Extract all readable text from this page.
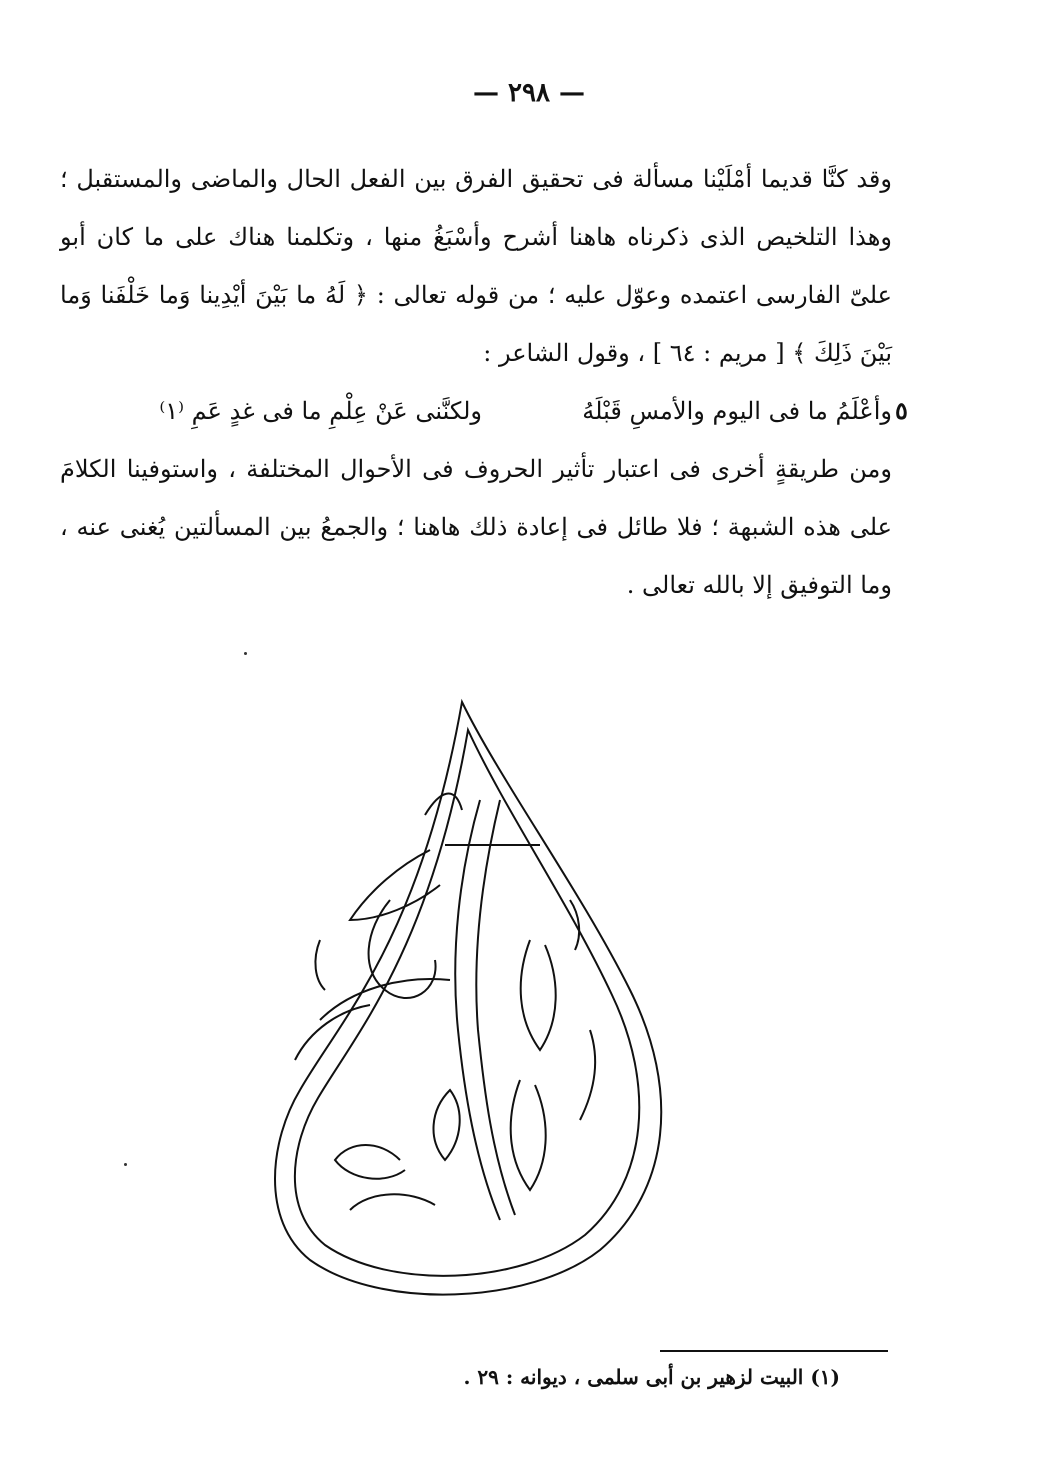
— ٢٩٨ —

وقد كنَّا قديما أمْلَيْنا مسألة فى تحقيق الفرق بين الفعل الحال والماضى والمستقبل ؛ وهذا التلخيص الذى ذكرناه هاهنا أشرح وأسْبَغُ منها ، وتكلمنا هناك على ما كان أبو علىّ الفارسى اعتمده وعوّل عليه ؛ من قوله تعالى : ﴿ لَهُ ما بَيْنَ أيْدِينا وَما خَلْفَنا وَما بَيْنَ ذَلِكَ ﴾ [ مريم : ٦٤ ] ، وقول الشاعر :

وأعْلَمُ ما فى اليوم والأمسِ قَبْلَهُ
ولكنَّنى عَنْ عِلْمِ ما فى غدٍ عَمِ ⁽١⁾

ومن طريقةٍ أخرى فى اعتبار تأثير الحروف فى الأحوال المختلفة ، واستوفينا الكلامَ على هذه الشبهة ؛ فلا طائل فى إعادة ذلك هاهنا ؛ والجمعُ بين المسألتين يُغنى عنه ، وما التوفيق إلا بالله تعالى .

٥
(١) البيت لزهير بن أبى سلمى ، ديوانه : ٢٩ .
